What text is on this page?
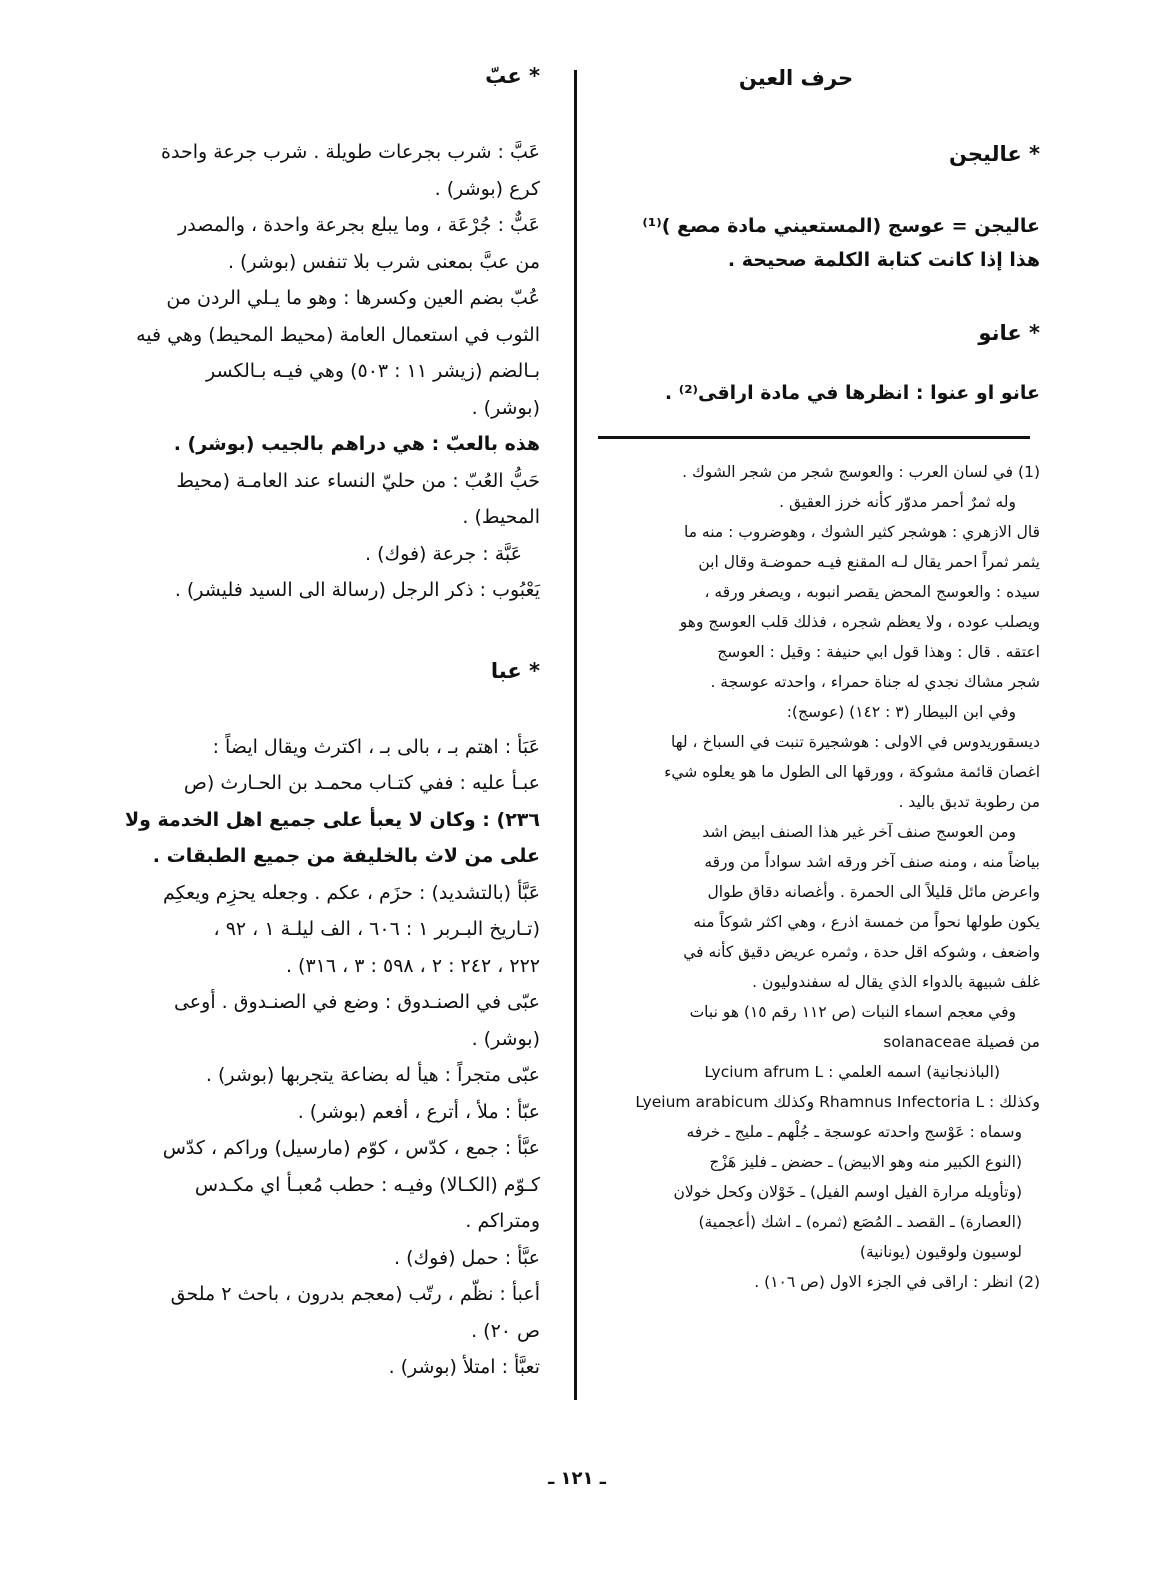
حرف العين

* عاليجن

عاليجن = عوسج (المستعيني مادة مصع )⁽¹⁾

هذا إذا كانت كتابة الكلمة صحيحة .

* عانو

عانو او عنوا : انظرها في مادة اراقى⁽²⁾ .

(1) في لسان العرب : والعوسج شجر من شجر الشوك .

وله ثمرٌ أحمر مدوّر كأنه خرز العقيق .

قال الازهري : هوشجر كثير الشوك ، وهوضروب : منه ما

يثمر ثمراً احمر يقال لـه المقنع فيـه حموضـة وقال ابن

سيده : والعوسج المحض يقصر انبوبه ، ويصغر ورقه ،

ويصلب عوده ، ولا يعظم شجره ، فذلك قلب العوسج وهو

اعتقه . قال : وهذا قول ابي حنيفة : وقيل : العوسج

شجر مشاك نجدي له جناة حمراء ، واحدته عوسجة .

وفي ابن البيطار (٣ : ١٤٢) (عوسج):

ديسقوريدوس في الاولى : هوشجيرة تنبت في السباخ ، لها

اغصان قائمة مشوكة ، وورقها الى الطول ما هو يعلوه شيء

من رطوبة تدبق باليد .

ومن العوسج صنف آخر غير هذا الصنف ابيض اشد

بياضاً منه ، ومنه صنف آخر ورقه اشد سواداً من ورقه

واعرض مائل قليلاً الى الحمرة . وأغصانه دقاق طوال

يكون طولها نحواً من خمسة اذرع ، وهي اكثر شوكاً منه

واضعف ، وشوكه اقل حدة ، وثمره عريض دقيق كأنه في

غلف شبيهة بالدواء الذي يقال له سفندوليون .

وفي معجم اسماء النبات (ص ١١٢ رقم ١٥) هو نبات

من فصيلة solanaceae

(الباذنجانية) اسمه العلمي : Lycium afrum L

وكذلك : Rhamnus Infectoria L وكذلك Lyeium arabicum

وسماه : عَوْسج واحدته عوسجة ـ جُلْهم ـ مليج ـ خرفه

(النوع الكبير منه وهو الابيض) ـ حضض ـ فليز هَزْج

(وتأويله مرارة الفيل اوسم الفيل) ـ خَوْلان وكحل خولان

(العصارة) ـ القصد ـ المُصَع (ثمره) ـ اشك (أعجمية)

لوسيون ولوقيون (يونانية)

(2) انظر : اراقى في الجزء الاول (ص ١٠٦) .

* عبّ

عَبَّ : شرب بجرعات طويلة . شرب جرعة واحدة

كرع (بوشر) .

عَبٌّ : جُرْعَة ، وما يبلع بجرعة واحدة ، والمصدر

من عبَّ بمعنى شرب بلا تنفس (بوشر) .

عُبّ بضم العين وكسرها : وهو ما يـلي الردن من

الثوب في استعمال العامة (محيط المحيط) وهي فيه

بـالضم (زيشر ١١ : ٥٠٣) وهي فيـه بـالكسر

(بوشر) .

هذه بالعبّ : هي دراهم بالجيب (بوشر) .

حَبُّ العُبّ : من حليّ النساء عند العامـة (محيط

المحيط) .

عَبَّة : جرعة (فوك) .

يَعْبُوب : ذكر الرجل (رسالة الى السيد فليشر) .

* عبا

عَبَأ : اهتم بـ ، بالى بـ ، اكترث ويقال ايضاً :

عبـأ عليه : ففي كتـاب محمـد بن الحـارث (ص

٢٣٦) : وكان لا يعبأ على جميع اهل الخدمة ولا

على من لاث بالخليفة من جميع الطبقات .

عَبَّأ (بالتشديد) : حزَم ، عكم . وجعله يحزِم ويعكِم

(تـاريخ البـربر ١ : ٦٠٦ ، الف ليلـة ١ ، ٩٢ ،

٢٢٢ ، ٢٤٢ : ٢ ، ٥٩٨ : ٣ ، ٣١٦) .

عبّى في الصنـدوق : وضع في الصنـدوق . أوعى

(بوشر) .

عبّى متجراً : هيأ له بضاعة يتجربها (بوشر) .

عبّأ : ملأ ، أترع ، أفعم (بوشر) .

عبَّأ : جمع ، كدّس ، كوّم (مارسيل) وراكم ، كدّس

كـوّم (الكـالا) وفيـه : حطب مُعبـأ اي مكـدس

ومتراكم .

عبَّأ : حمل (فوك) .

أعبأ : نظّم ، رتّب (معجم بدرون ، باحث ٢ ملحق

ص ٢٠) .

تعبَّأ : امتلأ (بوشر) .

ـ ١٢١ ـ
